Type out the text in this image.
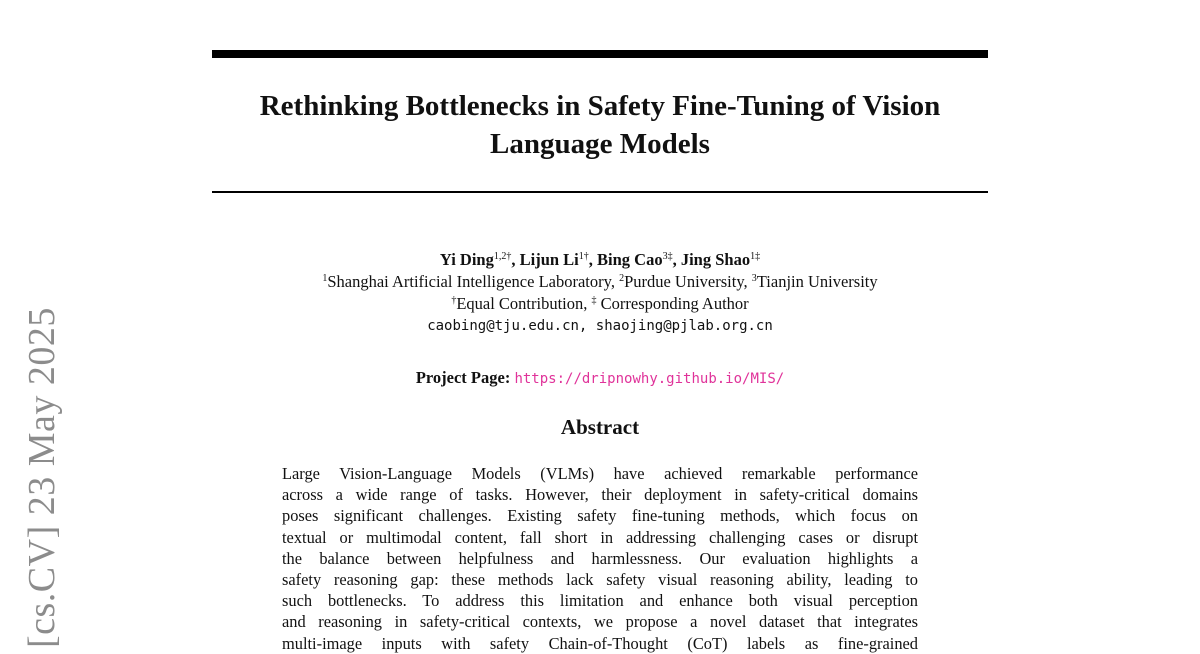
Rethinking Bottlenecks in Safety Fine-Tuning of Vision
Language Models
Yi Ding$^{1,2\dagger}$, Lijun $Li^{1\dagger}$, Bing Cao$^{3\ddagger}$, Jing Shao$^{1\ddagger}$
$^1$Shanghai Artificial Intelligence Laboratory, $^2$Purdue University, $^3$Tianjin University
†Equal Contribution, ‡ Corresponding Author
caobing@tju.edu.cn, shaojing@pjlab.org.cn
Project Page: https://dripnowhy.github.io/MIS/
Abstract
Large Vision-Language Models (VLMs) have achieved remarkable performance
across a wide range of tasks. However, their deployment in safety-critical domains
poses significant challenges. Existing safety fine-tuning methods, which focus on
textual or multimodal content, fall short in addressing challenging cases or disrupt
the balance between helpfulness and harmlessness. Our evaluation highlights a
safety reasoning gap: these methods lack safety visual reasoning ability, leading to
such bottlenecks. To address this limitation and enhance both visual perception
and reasoning in safety-critical contexts, we propose a novel dataset that integrates
multi-image inputs with safety Chain-of-Thought (CoT) labels as fine-grained
[cs.CV] 23 May 2025
